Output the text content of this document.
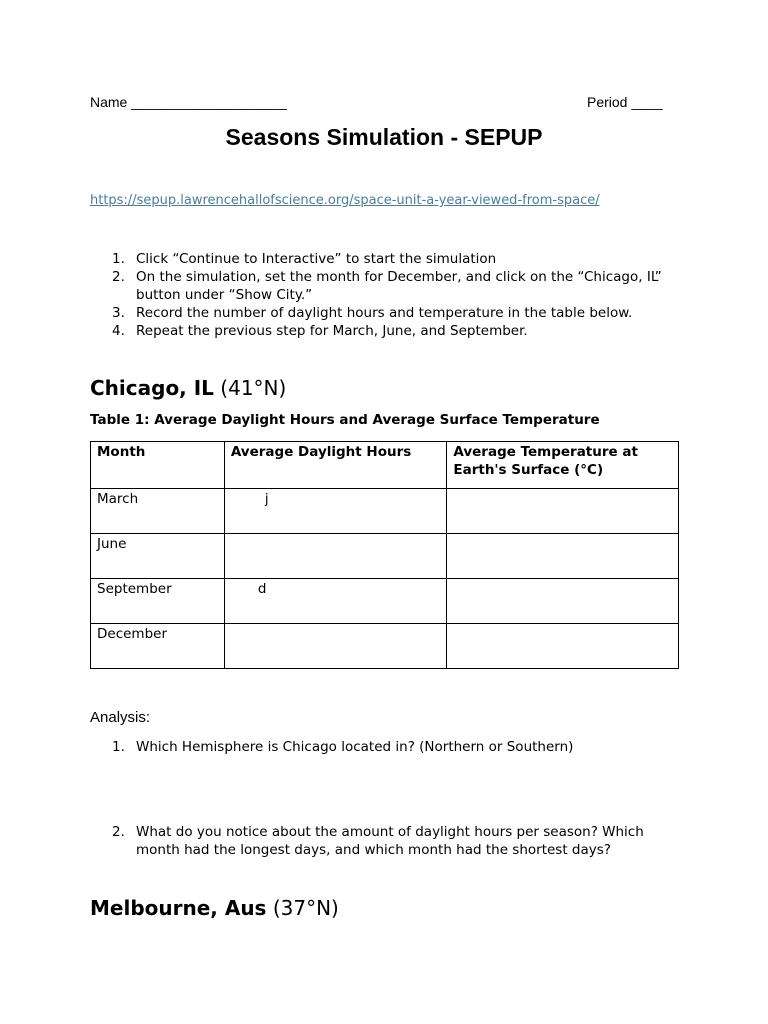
Name ____________________	Period ____
Seasons Simulation - SEPUP
https://sepup.lawrencehallofscience.org/space-unit-a-year-viewed-from-space/
1. Click “Continue to Interactive” to start the simulation
2. On the simulation, set the month for December, and click on the “Chicago, IL” button under “Show City.”
3. Record the number of daylight hours and temperature in the table below.
4. Repeat the previous step for March, June, and September.
Chicago, IL (41°N)
Table 1: Average Daylight Hours and Average Surface Temperature
Month	Average Daylight Hours	Average Temperature at Earth's Surface (°C)
March	j	
June		
September	d	
December		
Analysis:
1. Which Hemisphere is Chicago located in? (Northern or Southern)
2. What do you notice about the amount of daylight hours per season? Which month had the longest days, and which month had the shortest days?
Melbourne, Aus (37°N)
